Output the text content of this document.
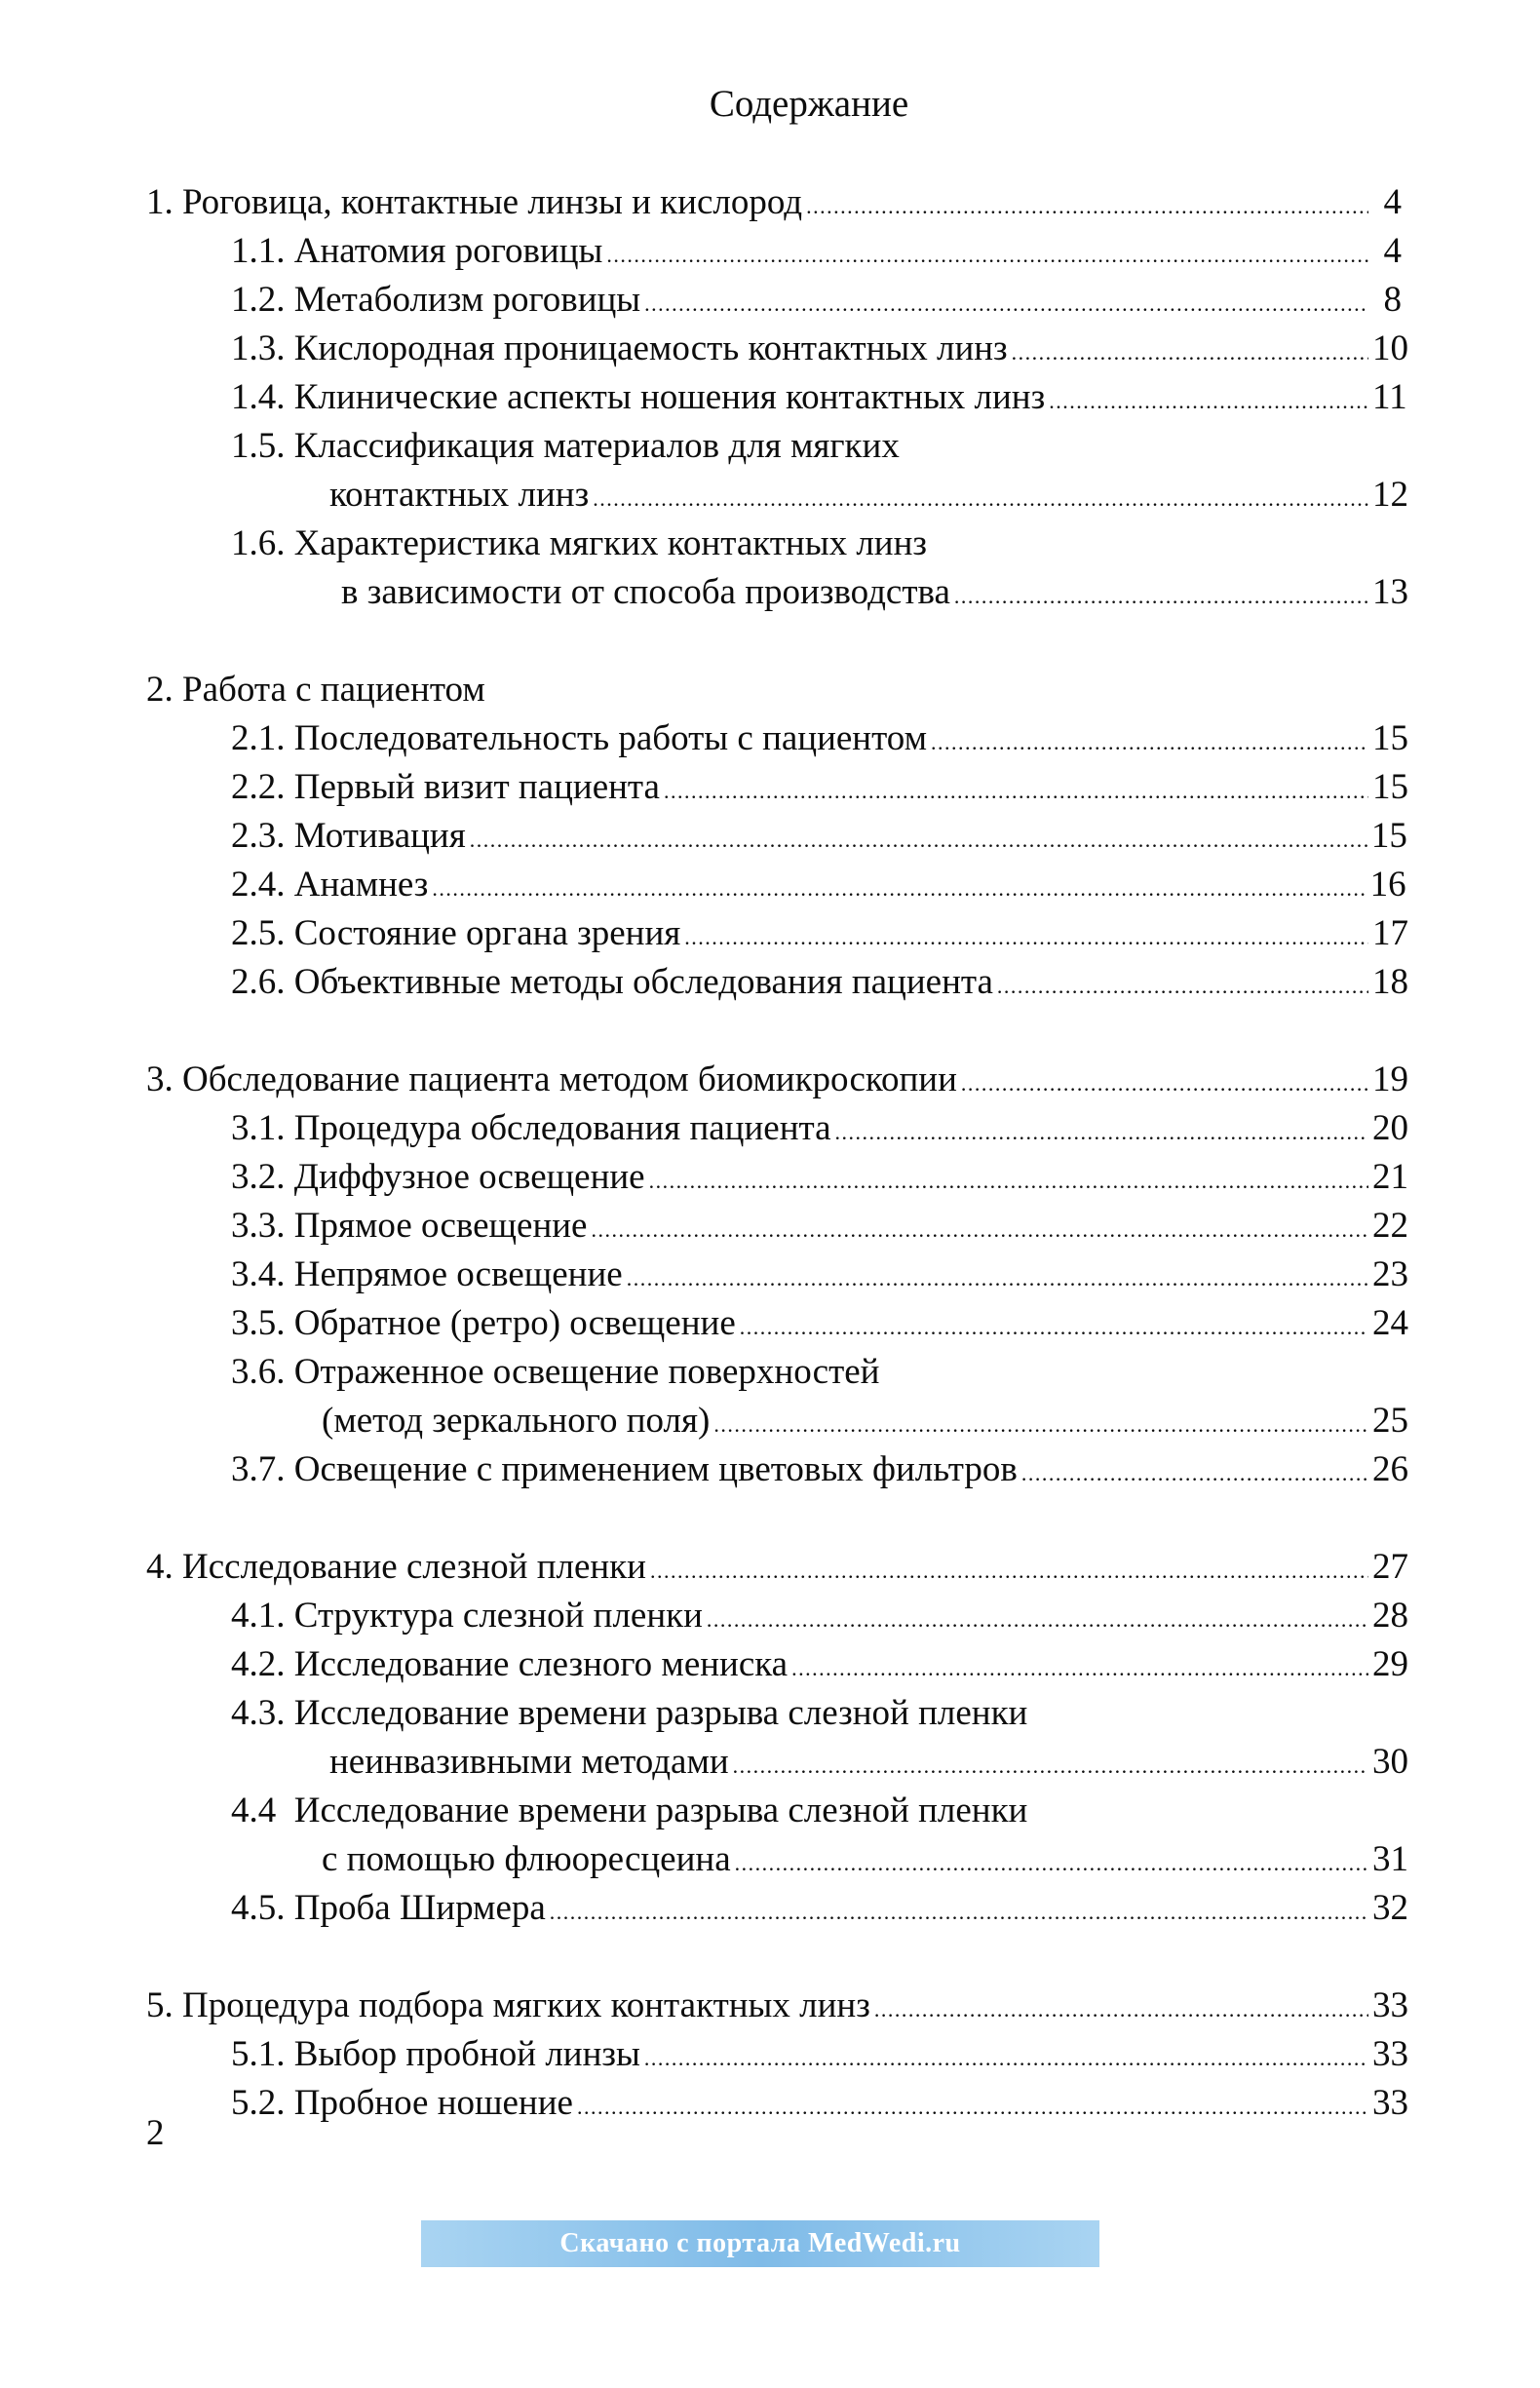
Содержание
1. Роговица, контактные линзы и кислород . . .	4
1.1. Анатомия роговицы . . .	4
1.2. Метаболизм роговицы . . .	8
1.3. Кислородная проницаемость контактных линз . . .	10
1.4. Клинические аспекты ношения контактных линз . . .	11
1.5. Классификация материалов для мягких
контактных линз . . .	12
1.6. Характеристика мягких контактных линз
в зависимости от способа производства . . .	13
2. Работа с пациентом
2.1. Последовательность работы с пациентом . . .	15
2.2. Первый визит пациента . . .	15
2.3. Мотивация . . .	15
2.4. Анамнез . . .	16
2.5. Состояние органа зрения . . .	17
2.6. Объективные методы обследования пациента . . .	18
3. Обследование пациента методом биомикроскопии . . .	19
3.1. Процедура обследования пациента . . .	20
3.2. Диффузное освещение . . .	21
3.3. Прямое освещение . . .	22
3.4. Непрямое освещение . . .	23
3.5. Обратное (ретро) освещение . . .	24
3.6. Отраженное освещение поверхностей
(метод зеркального поля) . . .	25
3.7. Освещение с применением цветовых фильтров . . .	26
4. Исследование слезной пленки . . .	27
4.1. Структура слезной пленки . . .	28
4.2. Исследование слезного мениска . . .	29
4.3. Исследование времени разрыва слезной пленки
неинвазивными методами . . .	30
4.4  Исследование времени разрыва слезной пленки
с помощью флюоресцеина . . .	31
4.5. Проба Ширмера . . .	32
5. Процедура подбора мягких контактных линз . . .	33
5.1. Выбор пробной линзы . . .	33
5.2. Пробное ношение . . .	33
2
Скачано с портала MedWedi.ru
